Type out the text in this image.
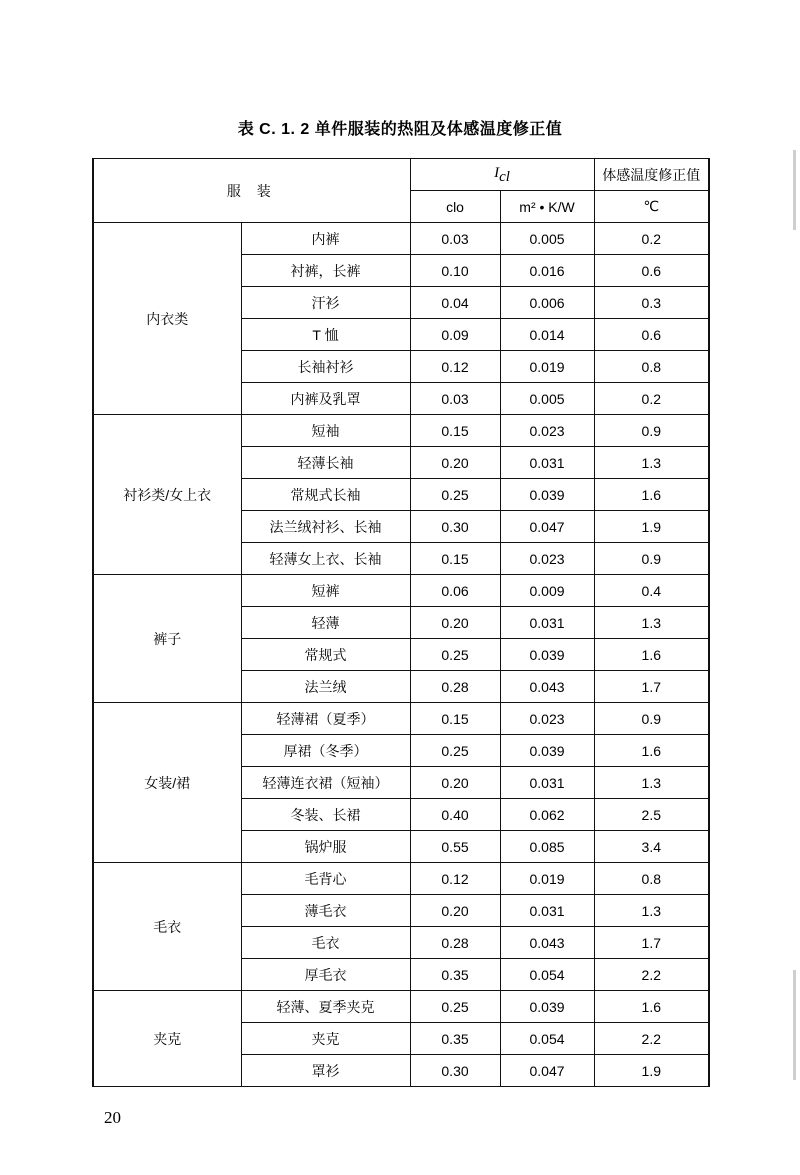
表 C. 1. 2 单件服装的热阻及体感温度修正值
服 装		$I_{cl}$		体感温度修正值
		clo	m² • K/W	℃
内衣类	内裤	0.03	0.005	0.2
	衬裤，长裤	0.10	0.016	0.6
	汗衫	0.04	0.006	0.3
	T 恤	0.09	0.014	0.6
	长袖衬衫	0.12	0.019	0.8
	内裤及乳罩	0.03	0.005	0.2
衬衫类/女上衣	短袖	0.15	0.023	0.9
	轻薄长袖	0.20	0.031	1.3
	常规式长袖	0.25	0.039	1.6
	法兰绒衬衫、长袖	0.30	0.047	1.9
	轻薄女上衣、长袖	0.15	0.023	0.9
裤子	短裤	0.06	0.009	0.4
	轻薄	0.20	0.031	1.3
	常规式	0.25	0.039	1.6
	法兰绒	0.28	0.043	1.7
女装/裙	轻薄裙（夏季）	0.15	0.023	0.9
	厚裙（冬季）	0.25	0.039	1.6
	轻薄连衣裙（短袖）	0.20	0.031	1.3
	冬装、长裙	0.40	0.062	2.5
	锅炉服	0.55	0.085	3.4
毛衣	毛背心	0.12	0.019	0.8
	薄毛衣	0.20	0.031	1.3
	毛衣	0.28	0.043	1.7
	厚毛衣	0.35	0.054	2.2
夹克	轻薄、夏季夹克	0.25	0.039	1.6
	夹克	0.35	0.054	2.2
	罩衫	0.30	0.047	1.9
20
